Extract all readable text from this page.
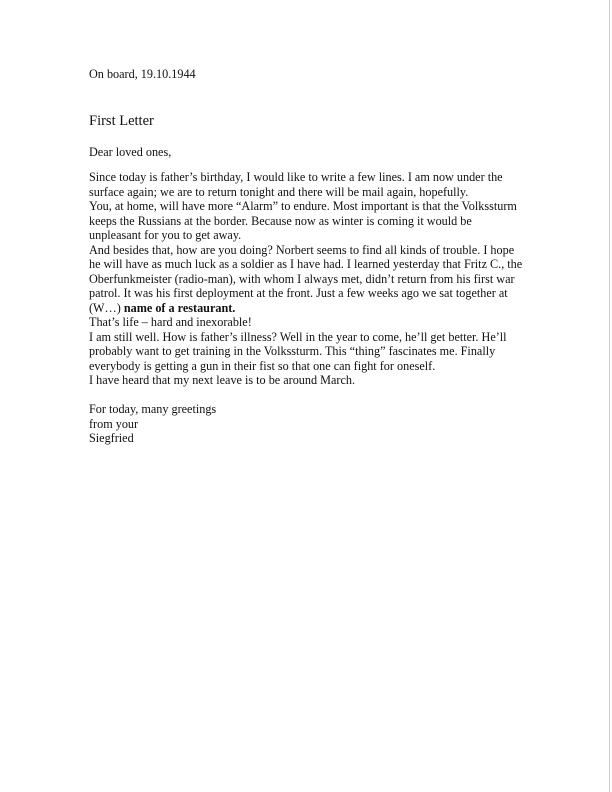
On board, 19.10.1944
First Letter
Dear loved ones,
Since today is father’s birthday, I would like to write a few lines. I am now under the
surface again; we are to return tonight and there will be mail again, hopefully.
You, at home, will have more “Alarm” to endure. Most important is that the Volkssturm
keeps the Russians at the border. Because now as winter is coming it would be
unpleasant for you to get away.
And besides that, how are you doing? Norbert seems to find all kinds of trouble. I hope
he will have as much luck as a soldier as I have had. I learned yesterday that Fritz C., the
Oberfunkmeister (radio-man), with whom I always met, didn’t return from his first war
patrol. It was his first deployment at the front. Just a few weeks ago we sat together at
(W…) name of a restaurant.
That’s life – hard and inexorable!
I am still well. How is father’s illness? Well in the year to come, he’ll get better. He’ll
probably want to get training in the Volkssturm. This “thing” fascinates me. Finally
everybody is getting a gun in their fist so that one can fight for oneself.
I have heard that my next leave is to be around March.
For today, many greetings
from your
Siegfried
